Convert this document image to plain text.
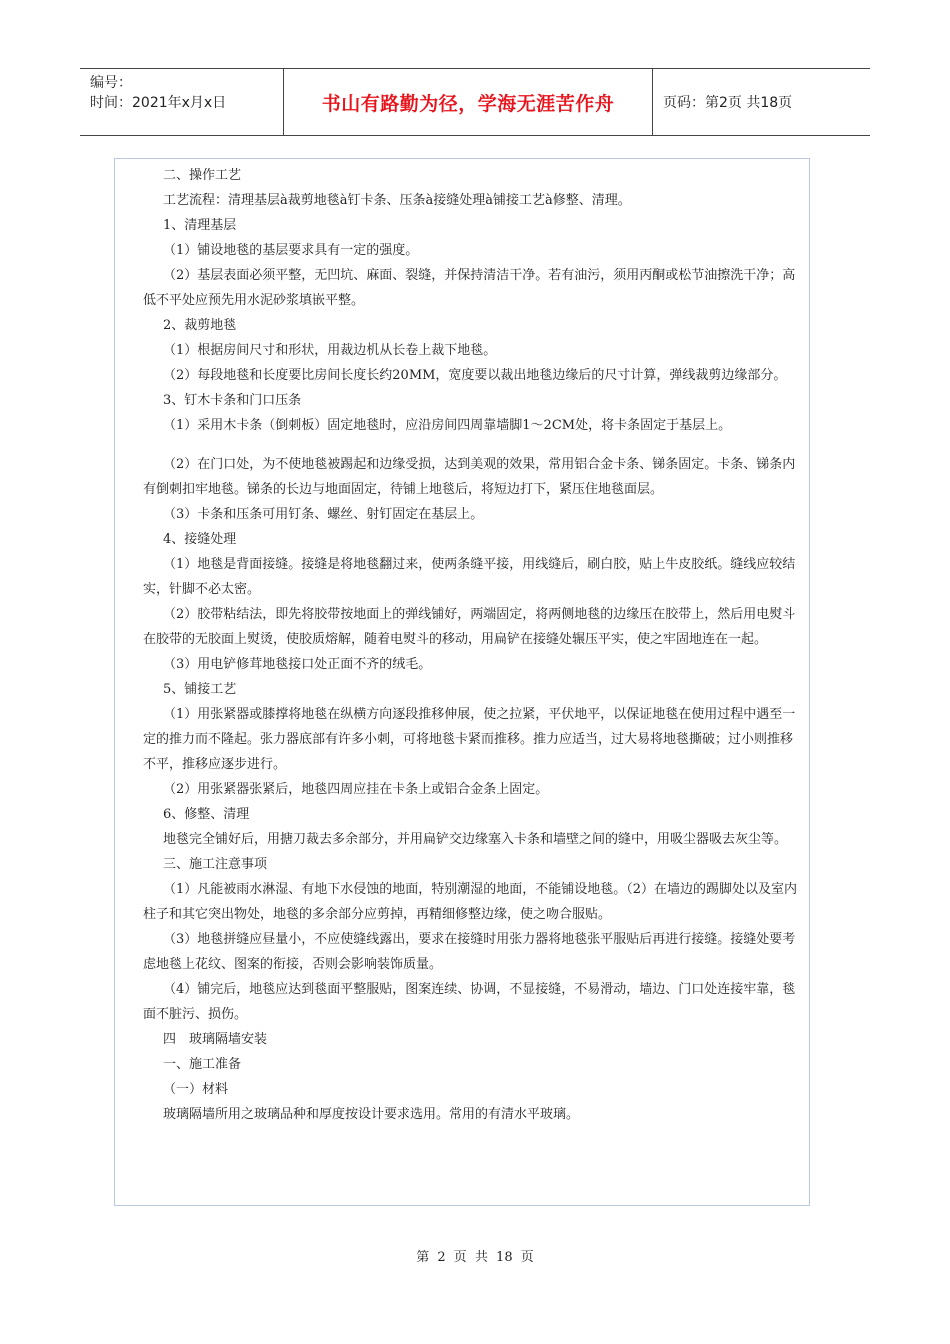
编号：
时间：2021年x月x日	书山有路勤为径，学海无涯苦作舟	页码：第2页 共18页

二、操作工艺

工艺流程：清理基层à裁剪地毯à钉卡条、压条à接缝处理à铺接工艺à修整、清理。

1、清理基层

（1）铺设地毯的基层要求具有一定的强度。

（2）基层表面必须平整，无凹坑、麻面、裂缝，并保持清洁干净。若有油污，须用丙酮或松节油擦洗干净；高低不平处应预先用水泥砂浆填嵌平整。

2、裁剪地毯

（1）根据房间尺寸和形状，用裁边机从长卷上裁下地毯。

（2）每段地毯和长度要比房间长度长约20MM，宽度要以裁出地毯边缘后的尺寸计算，弹线裁剪边缘部分。

3、钉木卡条和门口压条

（1）采用木卡条（倒刺板）固定地毯时，应沿房间四周靠墙脚1～2CM处，将卡条固定于基层上。

（2）在门口处，为不使地毯被踢起和边缘受损，达到美观的效果，常用铝合金卡条、锑条固定。卡条、锑条内有倒刺扣牢地毯。锑条的长边与地面固定，待铺上地毯后，将短边打下，紧压住地毯面层。

（3）卡条和压条可用钉条、螺丝、射钉固定在基层上。

4、接缝处理

（1）地毯是背面接缝。接缝是将地毯翻过来，使两条缝平接，用线缝后，刷白胶，贴上牛皮胶纸。缝线应较结实，针脚不必太密。

（2）胶带粘结法，即先将胶带按地面上的弹线铺好，两端固定，将两侧地毯的边缘压在胶带上，然后用电熨斗在胶带的无胶面上熨烫，使胶质熔解，随着电熨斗的移动，用扁铲在接缝处辗压平实，使之牢固地连在一起。

（3）用电铲修茸地毯接口处正面不齐的绒毛。

5、铺接工艺

（1）用张紧器或膝撑将地毯在纵横方向逐段推移伸展，使之拉紧，平伏地平，以保证地毯在使用过程中遇至一定的推力而不隆起。张力器底部有许多小刺，可将地毯卡紧而推移。推力应适当，过大易将地毯撕破；过小则推移不平，推移应逐步进行。

（2）用张紧器张紧后，地毯四周应挂在卡条上或铝合金条上固定。

6、修整、清理

地毯完全铺好后，用搪刀裁去多余部分，并用扁铲交边缘塞入卡条和墙壁之间的缝中，用吸尘器吸去灰尘等。

三、施工注意事项

（1）凡能被雨水淋湿、有地下水侵蚀的地面，特别潮湿的地面，不能铺设地毯。（2）在墙边的踢脚处以及室内柱子和其它突出物处，地毯的多余部分应剪掉，再精细修整边缘，使之吻合服贴。

（3）地毯拼缝应昼量小，不应使缝线露出，要求在接缝时用张力器将地毯张平服贴后再进行接缝。接缝处要考虑地毯上花纹、图案的衔接，否则会影响装饰质量。

（4）铺完后，地毯应达到毯面平整服贴，图案连续、协调，不显接缝，不易滑动，墙边、门口处连接牢靠，毯面不脏污、损伤。

四　玻璃隔墙安装

一、施工准备

（一）材料

玻璃隔墙所用之玻璃品种和厚度按设计要求选用。常用的有清水平玻璃。

第 2 页 共 18 页
